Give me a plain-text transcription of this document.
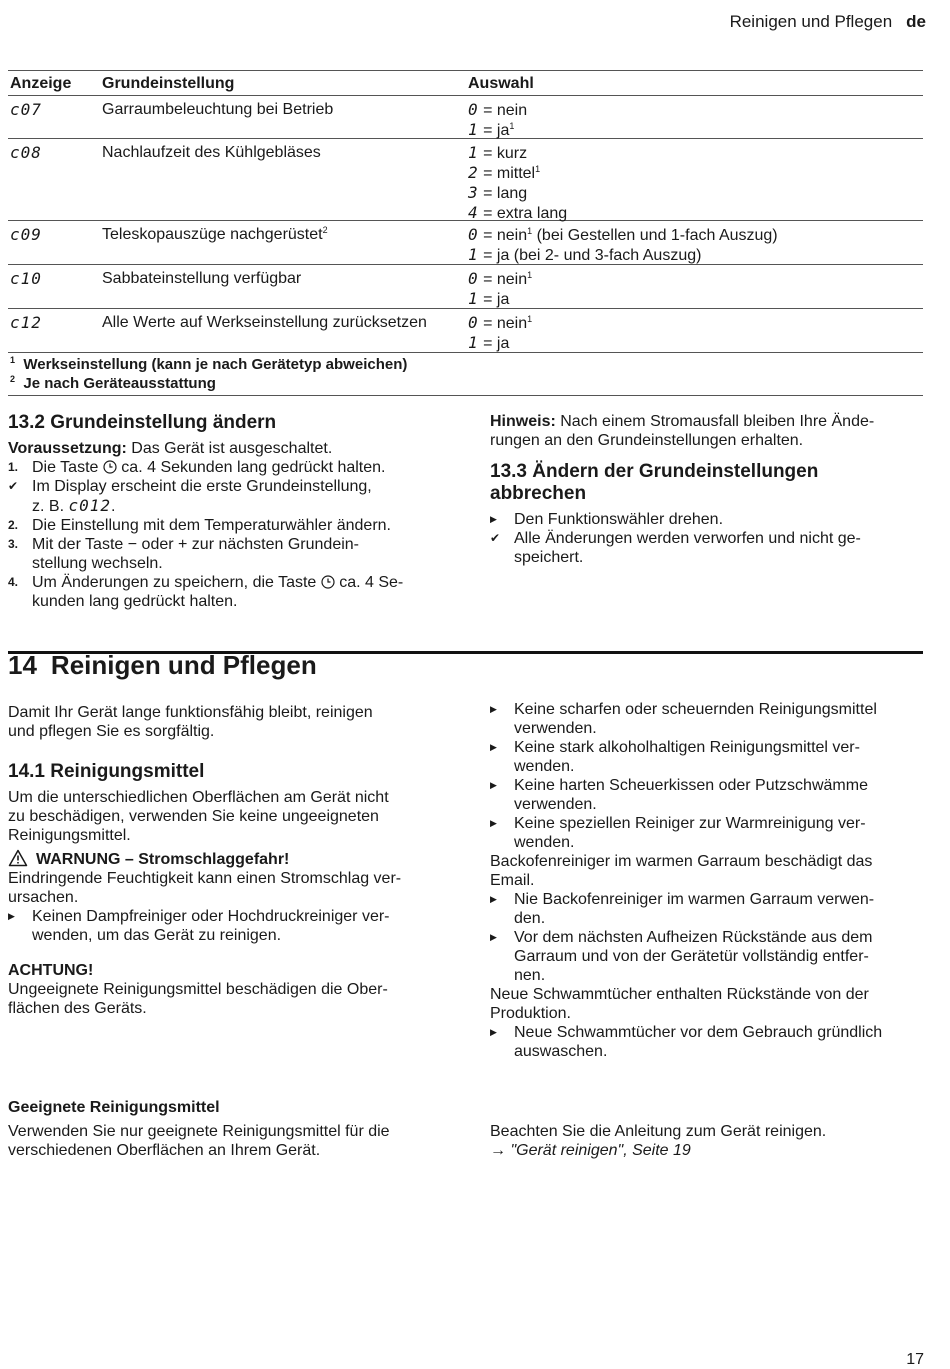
Reinigen und Pflegen de
Anzeige Grundeinstellung	Auswahl
c07	Garraumbeleuchtung bei Betrieb	0 = nein
$1 = ja^1$
c08	Nachlaufzeit des Kühlgebläses	1 = kurz
2 = mittel$^1$
3 = lang
4 = extra lang
c09	Teleskopauszüge nachgerüstet$^2$	0 = nein$^1$ (bei Gestellen und 1-fach Auszug)
1 = ja (bei 2- und 3-fach Auszug)
c10	Sabbateinstellung verfügbar	0 = nein$^1$
1 = ja
c12	Alle Werte auf Werkseinstellung zurücksetzen	0 = nein$^1$
1 = ja
$^1$ Werkseinstellung (kann je nach Gerätetyp abweichen)
$^2$ Je nach Geräteausstattung
13.2 Grundeinstellung ändern
Voraussetzung: Das Gerät ist ausgeschaltet.
1. Die Taste  ca. 4 Sekunden lang gedrückt halten.
✔ Im Display erscheint die erste Grundeinstellung,
z. B. c012.
2. Die Einstellung mit dem Temperaturwähler ändern.
3. Mit der Taste − oder + zur nächsten Grundein-
stellung wechseln.
4. Um Änderungen zu speichern, die Taste  ca. 4 Se-
kunden lang gedrückt halten.
Hinweis: Nach einem Stromausfall bleiben Ihre Ände-
rungen an den Grundeinstellungen erhalten.
13.3 Ändern der Grundeinstellungen
abbrechen
▶ Den Funktionswähler drehen.
✔ Alle Änderungen werden verworfen und nicht ge-
speichert.
14 Reinigen und Pflegen
Damit Ihr Gerät lange funktionsfähig bleibt, reinigen
und pflegen Sie es sorgfältig.
14.1 Reinigungsmittel
Um die unterschiedlichen Oberflächen am Gerät nicht
zu beschädigen, verwenden Sie keine ungeeigneten
Reinigungsmittel.
WARNUNG – Stromschlaggefahr!
Eindringende Feuchtigkeit kann einen Stromschlag ver-
ursachen.
▶ Keinen Dampfreiniger oder Hochdruckreiniger ver-
wenden, um das Gerät zu reinigen.
ACHTUNG!
Ungeeignete Reinigungsmittel beschädigen die Ober-
flächen des Geräts.
▶ Keine scharfen oder scheuernden Reinigungsmittel
verwenden.
▶ Keine stark alkoholhaltigen Reinigungsmittel ver-
wenden.
▶ Keine harten Scheuerkissen oder Putzschwämme
verwenden.
▶ Keine speziellen Reiniger zur Warmreinigung ver-
wenden.
Backofenreiniger im warmen Garraum beschädigt das
Email.
▶ Nie Backofenreiniger im warmen Garraum verwen-
den.
▶ Vor dem nächsten Aufheizen Rückstände aus dem
Garraum und von der Gerätetür vollständig entfer-
nen.
Neue Schwammtücher enthalten Rückstände von der
Produktion.
▶ Neue Schwammtücher vor dem Gebrauch gründlich
auswaschen.
Geeignete Reinigungsmittel
Verwenden Sie nur geeignete Reinigungsmittel für die
verschiedenen Oberflächen an Ihrem Gerät.
Beachten Sie die Anleitung zum Gerät reinigen.
→ "Gerät reinigen", Seite 19
17
